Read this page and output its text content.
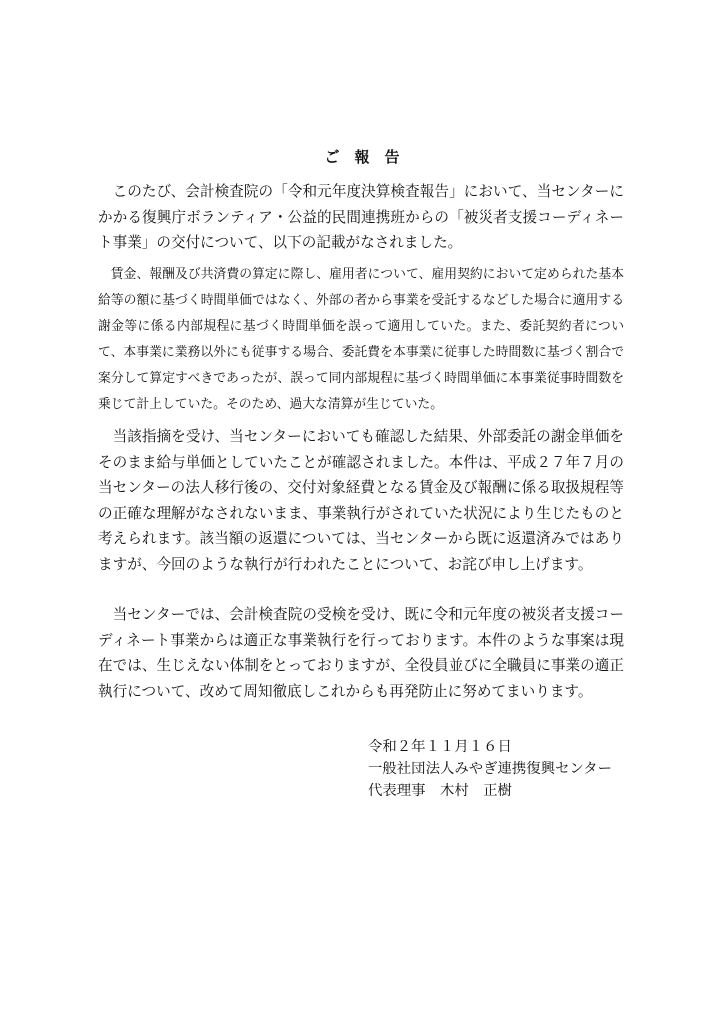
ご　報　告

このたび、会計検査院の「令和元年度決算検査報告」において、当センターにかかる復興庁ボランティア・公益的民間連携班からの「被災者支援コーディネート事業」の交付について、以下の記載がなされました。

賃金、報酬及び共済費の算定に際し、雇用者について、雇用契約において定められた基本給等の額に基づく時間単価ではなく、外部の者から事業を受託するなどした場合に適用する謝金等に係る内部規程に基づく時間単価を誤って適用していた。また、委託契約者について、本事業に業務以外にも従事する場合、委託費を本事業に従事した時間数に基づく割合で案分して算定すべきであったが、誤って同内部規程に基づく時間単価に本事業従事時間数を乗じて計上していた。そのため、過大な清算が生じていた。

当該指摘を受け、当センターにおいても確認した結果、外部委託の謝金単価をそのまま給与単価としていたことが確認されました。本件は、平成２７年７月の当センターの法人移行後の、交付対象経費となる賃金及び報酬に係る取扱規程等の正確な理解がなされないまま、事業執行がされていた状況により生じたものと考えられます。該当額の返還については、当センターから既に返還済みではありますが、今回のような執行が行われたことについて、お詫び申し上げます。

当センターでは、会計検査院の受検を受け、既に令和元年度の被災者支援コーディネート事業からは適正な事業執行を行っております。本件のような事案は現在では、生じえない体制をとっておりますが、全役員並びに全職員に事業の適正執行について、改めて周知徹底しこれからも再発防止に努めてまいります。

令和２年１１月１６日
一般社団法人みやぎ連携復興センター
代表理事　木村　正樹
